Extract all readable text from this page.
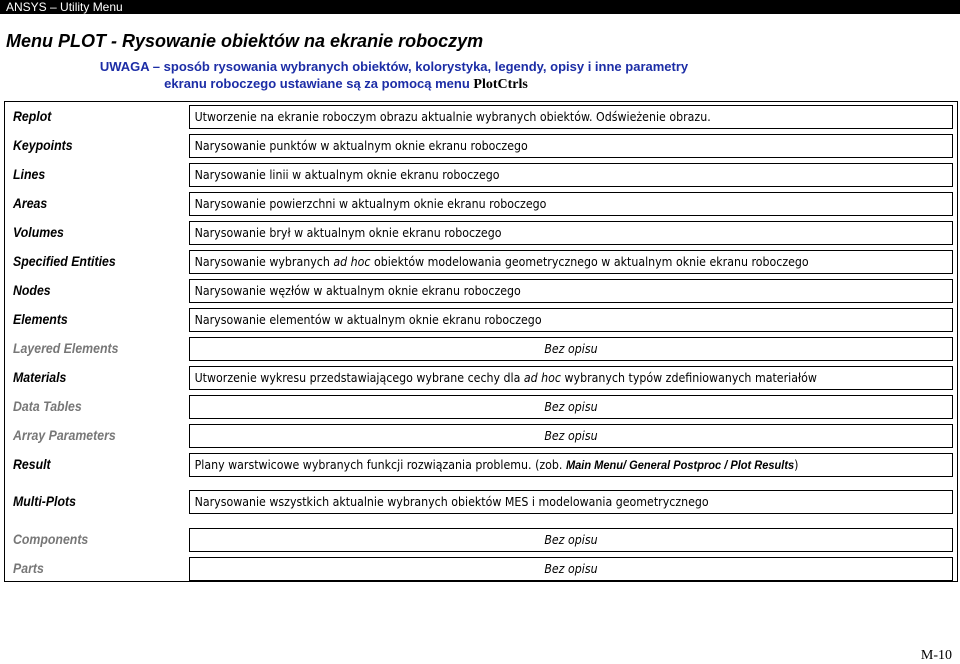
ANSYS – Utility Menu
Menu PLOT - Rysowanie obiektów na ekranie roboczym
UWAGA – sposób rysowania wybranych obiektów, kolorystyka, legendy, opisy i inne parametry
ekranu roboczego ustawiane są za pomocą menu PlotCtrls
Replot	Utworzenie na ekranie roboczym obrazu aktualnie wybranych obiektów. Odświeżenie obrazu.
Keypoints	Narysowanie punktów w aktualnym oknie ekranu roboczego
Lines	Narysowanie linii w aktualnym oknie ekranu roboczego
Areas	Narysowanie powierzchni w aktualnym oknie ekranu roboczego
Volumes	Narysowanie brył w aktualnym oknie ekranu roboczego
Specified Entities	Narysowanie wybranych ad hoc obiektów modelowania geometrycznego w aktualnym oknie ekranu roboczego
Nodes	Narysowanie węzłów w aktualnym oknie ekranu roboczego
Elements	Narysowanie elementów w aktualnym oknie ekranu roboczego
Layered Elements	Bez opisu
Materials	Utworzenie wykresu przedstawiającego wybrane cechy dla ad hoc wybranych typów zdefiniowanych materiałów
Data Tables	Bez opisu
Array Parameters	Bez opisu
Result	Plany warstwicowe wybranych funkcji rozwiązania problemu. (zob. Main Menu/ General Postproc / Plot Results)
Multi-Plots	Narysowanie wszystkich aktualnie wybranych obiektów MES i modelowania geometrycznego
Components	Bez opisu
Parts	Bez opisu
M-10
